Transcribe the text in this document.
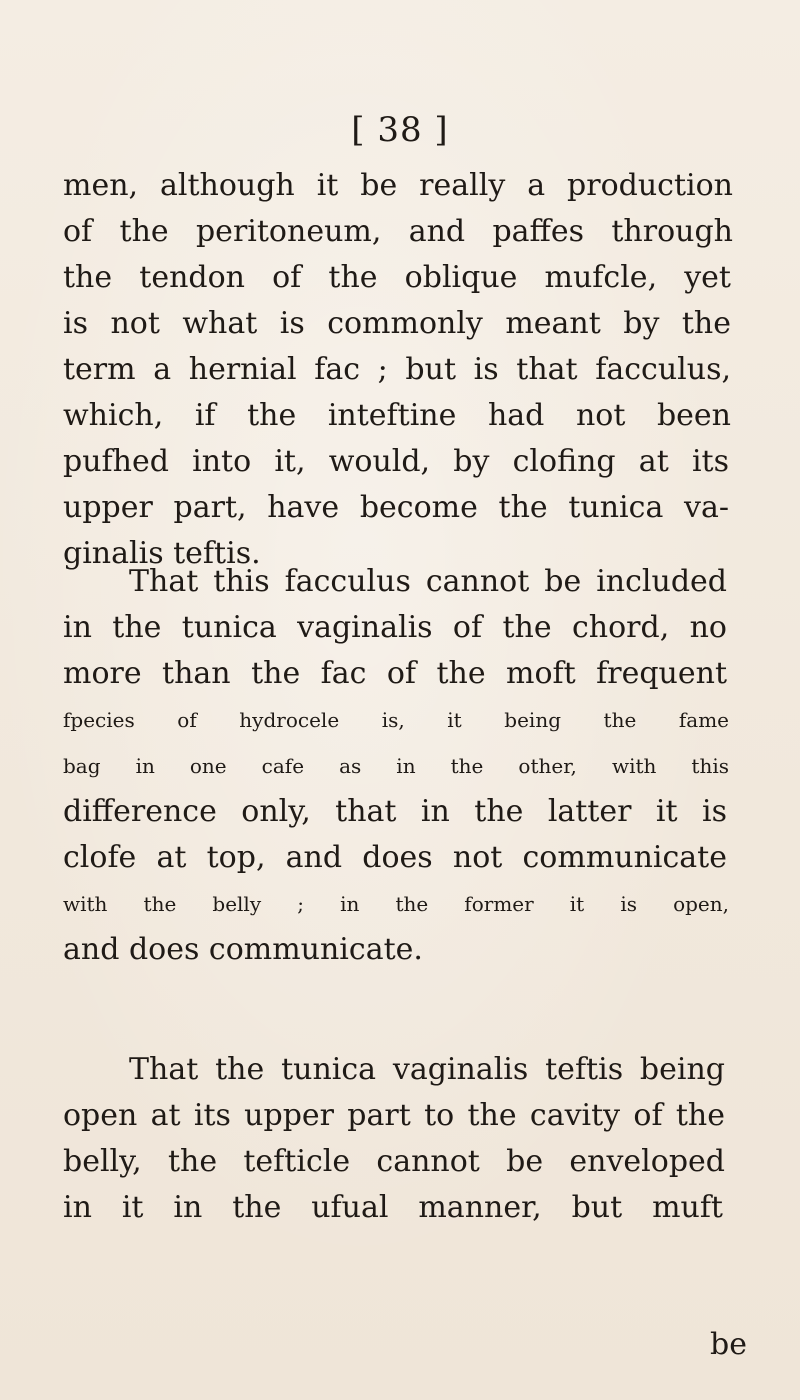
[ 38 ]
men, although it be really a production
of the peritoneum, and paffes through
the tendon of the oblique mufcle, yet
is not what is commonly meant by the
term a hernial fac ; but is that facculus,
which, if the inteftine had not been
pufhed into it, would, by clofing at its
upper part, have become the tunica va-
ginalis teftis.
That this facculus cannot be included
in the tunica vaginalis of the chord, no
more than the fac of the moft frequent
fpecies of hydrocele is, it being the fame
bag in one cafe as in the other, with this
difference only, that in the latter it is
clofe at top, and does not communicate
with the belly ; in the former it is open,
and does communicate.
That the tunica vaginalis teftis being
open at its upper part to the cavity of the
belly, the tefticle cannot be enveloped
in it in the ufual manner, but muft
be
